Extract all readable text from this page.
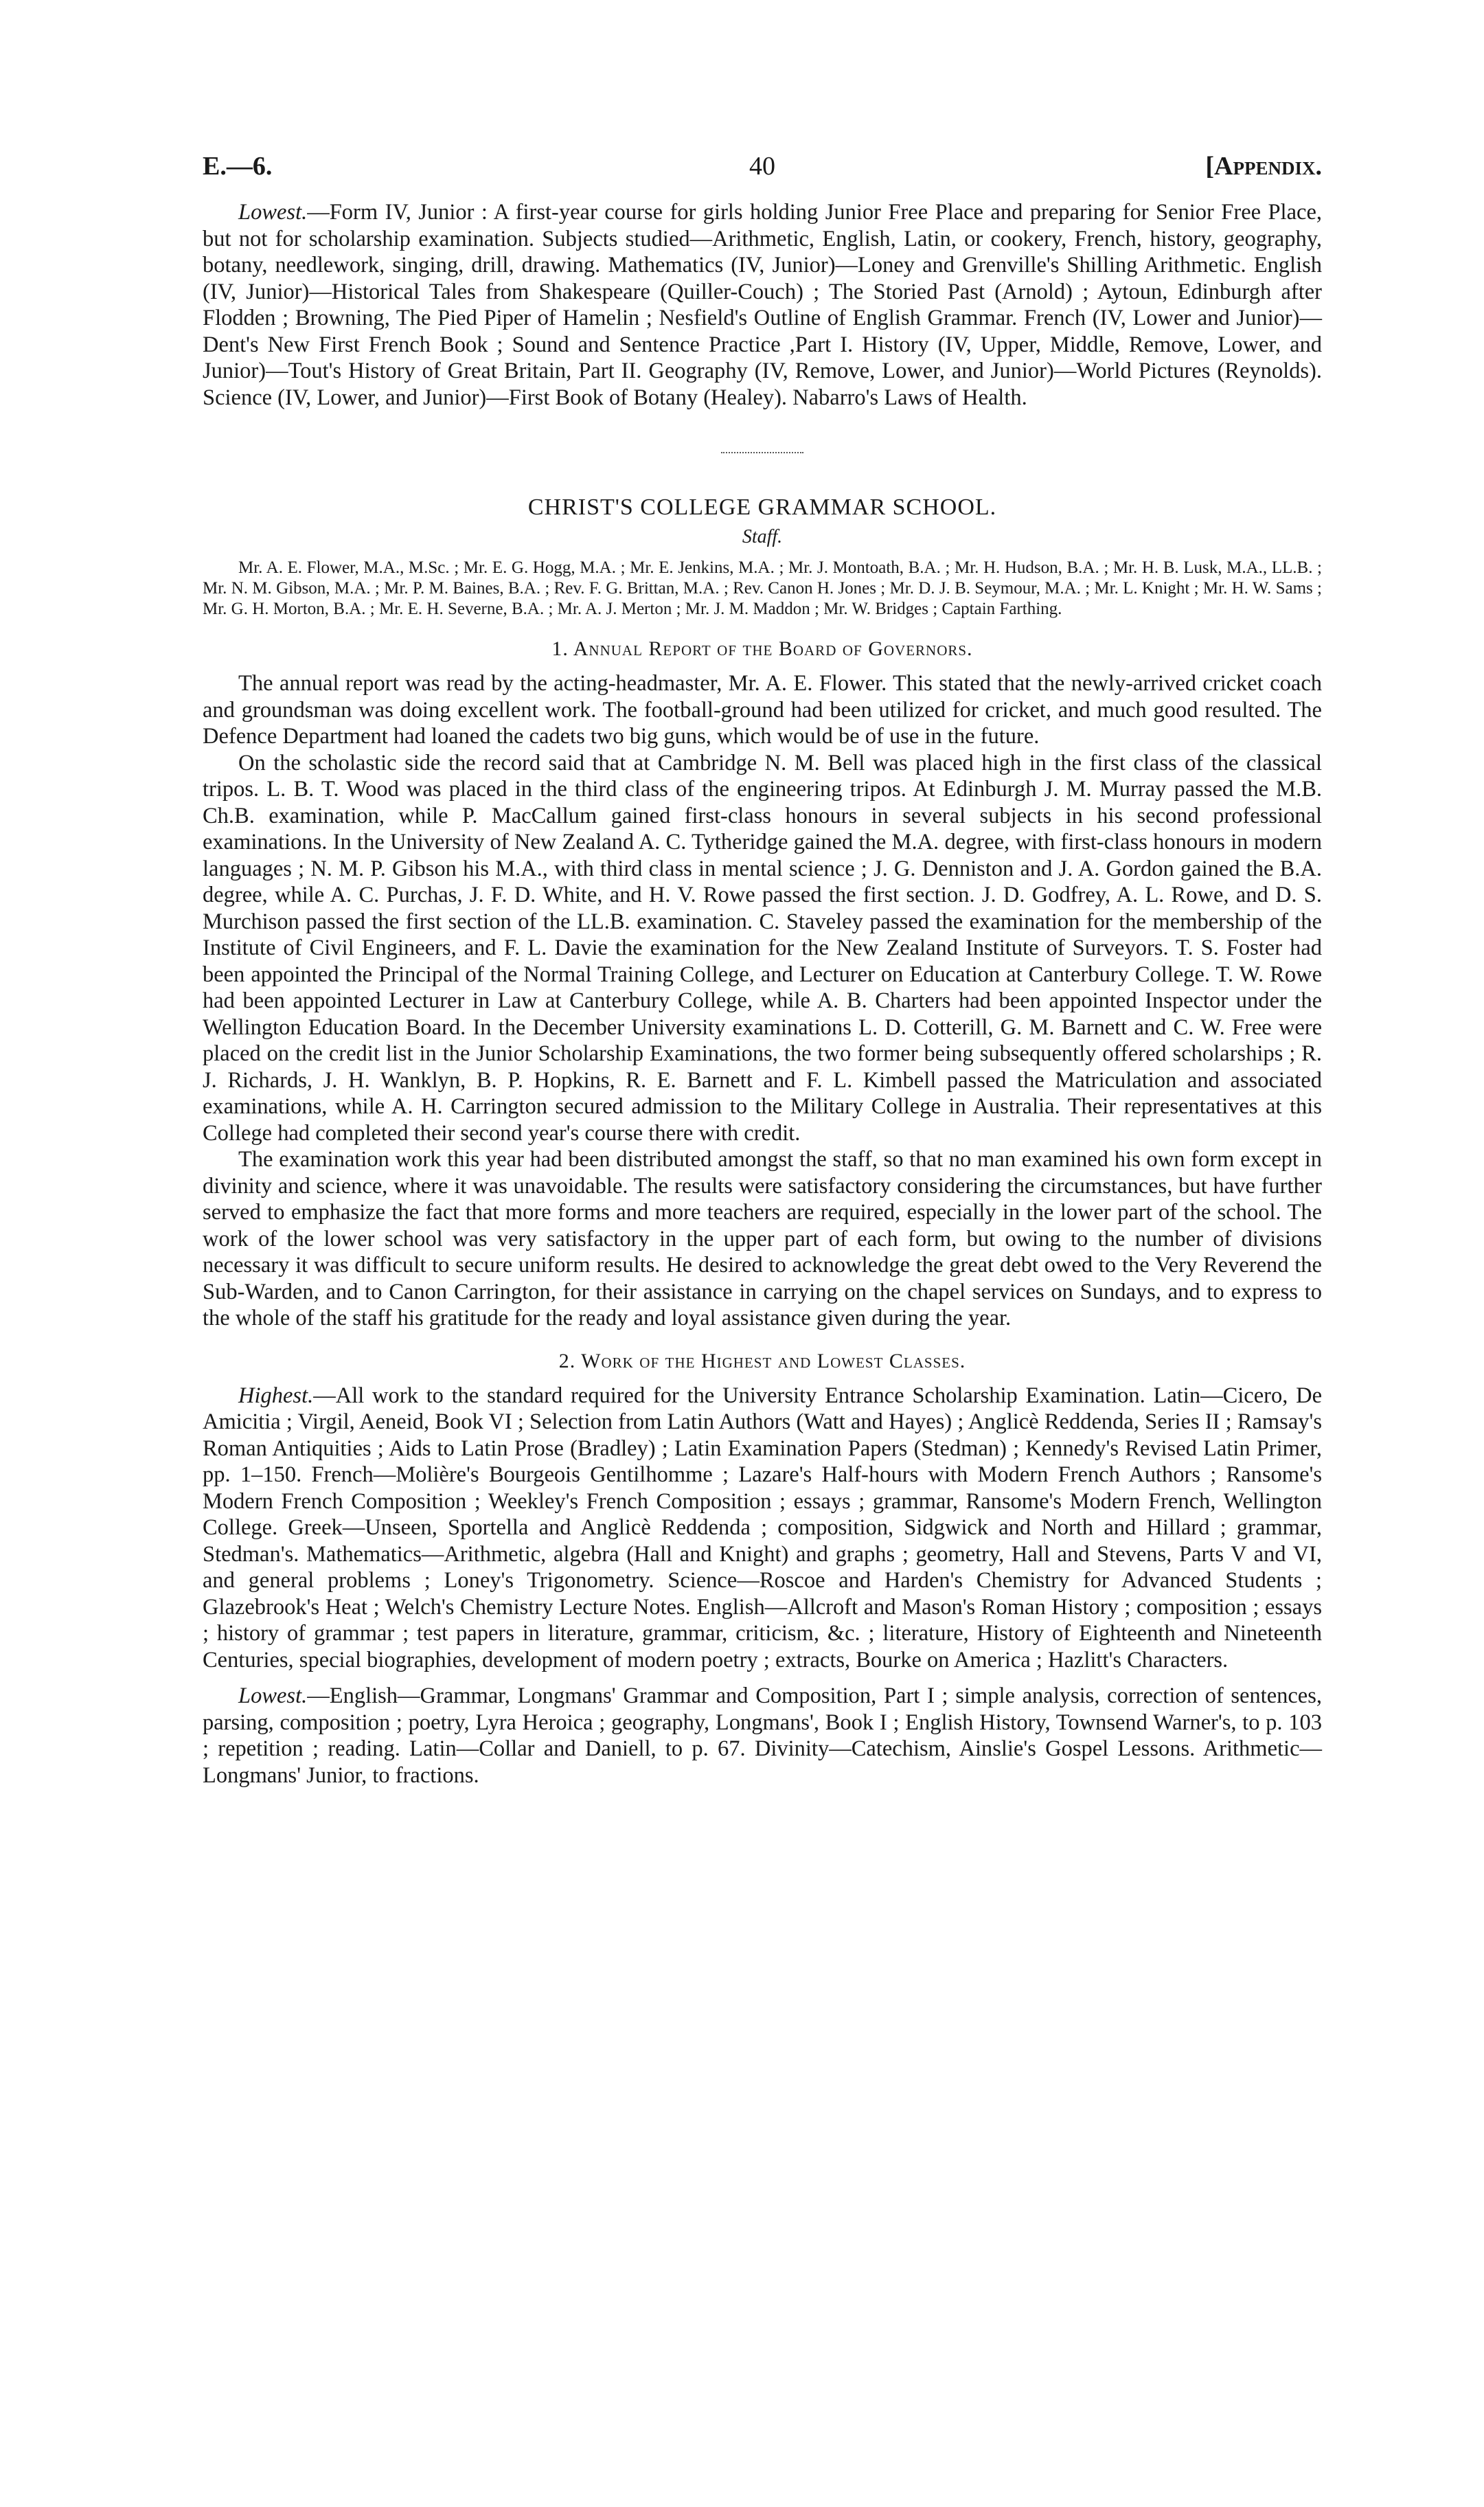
E.—6.	40	[Appendix.

Lowest.—Form IV, Junior : A first-year course for girls holding Junior Free Place and preparing for Senior Free Place, but not for scholarship examination. Subjects studied—Arithmetic, English, Latin, or cookery, French, history, geography, botany, needlework, singing, drill, drawing. Mathematics (IV, Junior)—Loney and Grenville's Shilling Arithmetic. English (IV, Junior)—Historical Tales from Shakespeare (Quiller-Couch) ; The Storied Past (Arnold) ; Aytoun, Edinburgh after Flodden ; Browning, The Pied Piper of Hamelin ; Nesfield's Outline of English Grammar. French (IV, Lower and Junior)—Dent's New First French Book ; Sound and Sentence Practice ,Part I. History (IV, Upper, Middle, Remove, Lower, and Junior)—Tout's History of Great Britain, Part II. Geography (IV, Remove, Lower, and Junior)—World Pictures (Reynolds). Science (IV, Lower, and Junior)—First Book of Botany (Healey). Nabarro's Laws of Health.

CHRIST'S COLLEGE GRAMMAR SCHOOL.
Staff.
Mr. A. E. Flower, M.A., M.Sc. ; Mr. E. G. Hogg, M.A. ; Mr. E. Jenkins, M.A. ; Mr. J. Montoath, B.A. ; Mr. H. Hudson, B.A. ; Mr. H. B. Lusk, M.A., LL.B. ; Mr. N. M. Gibson, M.A. ; Mr. P. M. Baines, B.A. ; Rev. F. G. Brittan, M.A. ; Rev. Canon H. Jones ; Mr. D. J. B. Seymour, M.A. ; Mr. L. Knight ; Mr. H. W. Sams ; Mr. G. H. Morton, B.A. ; Mr. E. H. Severne, B.A. ; Mr. A. J. Merton ; Mr. J. M. Maddon ; Mr. W. Bridges ; Captain Farthing.
1. Annual Report of the Board of Governors.

The annual report was read by the acting-headmaster, Mr. A. E. Flower. This stated that the newly-arrived cricket coach and groundsman was doing excellent work. The football-ground had been utilized for cricket, and much good resulted. The Defence Department had loaned the cadets two big guns, which would be of use in the future.

On the scholastic side the record said that at Cambridge N. M. Bell was placed high in the first class of the classical tripos. L. B. T. Wood was placed in the third class of the engineering tripos. At Edinburgh J. M. Murray passed the M.B. Ch.B. examination, while P. MacCallum gained first-class honours in several subjects in his second professional examinations. In the University of New Zealand A. C. Tytheridge gained the M.A. degree, with first-class honours in modern languages ; N. M. P. Gibson his M.A., with third class in mental science ; J. G. Denniston and J. A. Gordon gained the B.A. degree, while A. C. Purchas, J. F. D. White, and H. V. Rowe passed the first section. J. D. Godfrey, A. L. Rowe, and D. S. Murchison passed the first section of the LL.B. examination. C. Staveley passed the examination for the membership of the Institute of Civil Engineers, and F. L. Davie the examination for the New Zealand Institute of Surveyors. T. S. Foster had been appointed the Principal of the Normal Training College, and Lecturer on Education at Canterbury College. T. W. Rowe had been appointed Lecturer in Law at Canterbury College, while A. B. Charters had been appointed Inspector under the Wellington Education Board. In the December University examinations L. D. Cotterill, G. M. Barnett and C. W. Free were placed on the credit list in the Junior Scholarship Examinations, the two former being subsequently offered scholarships ; R. J. Richards, J. H. Wanklyn, B. P. Hopkins, R. E. Barnett and F. L. Kimbell passed the Matriculation and associated examinations, while A. H. Carrington secured admission to the Military College in Australia. Their representatives at this College had completed their second year's course there with credit.

The examination work this year had been distributed amongst the staff, so that no man examined his own form except in divinity and science, where it was unavoidable. The results were satisfactory considering the circumstances, but have further served to emphasize the fact that more forms and more teachers are required, especially in the lower part of the school. The work of the lower school was very satisfactory in the upper part of each form, but owing to the number of divisions necessary it was difficult to secure uniform results. He desired to acknowledge the great debt owed to the Very Reverend the Sub-Warden, and to Canon Carrington, for their assistance in carrying on the chapel services on Sundays, and to express to the whole of the staff his gratitude for the ready and loyal assistance given during the year.

2. Work of the Highest and Lowest Classes.

Highest.—All work to the standard required for the University Entrance Scholarship Examination. Latin—Cicero, De Amicitia ; Virgil, Aeneid, Book VI ; Selection from Latin Authors (Watt and Hayes) ; Anglicè Reddenda, Series II ; Ramsay's Roman Antiquities ; Aids to Latin Prose (Bradley) ; Latin Examination Papers (Stedman) ; Kennedy's Revised Latin Primer, pp. 1–150. French—Molière's Bourgeois Gentilhomme ; Lazare's Half-hours with Modern French Authors ; Ransome's Modern French Composition ; Weekley's French Composition ; essays ; grammar, Ransome's Modern French, Wellington College. Greek—Unseen, Sportella and Anglicè Reddenda ; composition, Sidgwick and North and Hillard ; grammar, Stedman's. Mathematics—Arithmetic, algebra (Hall and Knight) and graphs ; geometry, Hall and Stevens, Parts V and VI, and general problems ; Loney's Trigonometry. Science—Roscoe and Harden's Chemistry for Advanced Students ; Glazebrook's Heat ; Welch's Chemistry Lecture Notes. English—Allcroft and Mason's Roman History ; composition ; essays ; history of grammar ; test papers in literature, grammar, criticism, &c. ; literature, History of Eighteenth and Nineteenth Centuries, special biographies, development of modern poetry ; extracts, Bourke on America ; Hazlitt's Characters.

Lowest.—English—Grammar, Longmans' Grammar and Composition, Part I ; simple analysis, correction of sentences, parsing, composition ; poetry, Lyra Heroica ; geography, Longmans', Book I ; English History, Townsend Warner's, to p. 103 ; repetition ; reading. Latin—Collar and Daniell, to p. 67. Divinity—Catechism, Ainslie's Gospel Lessons. Arithmetic—Longmans' Junior, to fractions.
